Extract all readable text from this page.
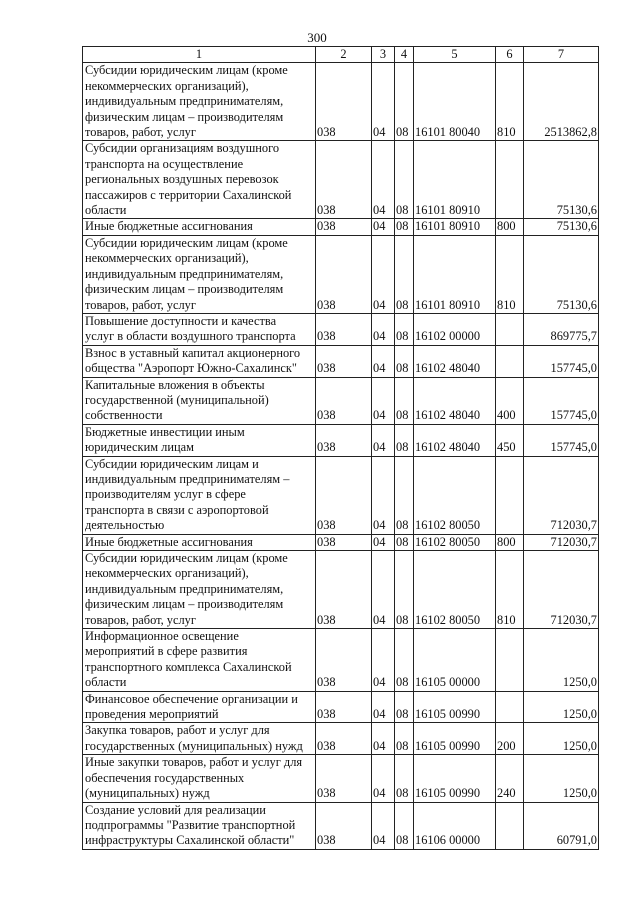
300
1	2	3	4	5	6	7
Субсидии юридическим лицам (кроме
некоммерческих организаций),
индивидуальным предпринимателям,
физическим лицам – производителям
товаров, работ, услуг	038	04	08	16101 80040	810	2513862,8
Субсидии организациям воздушного
транспорта на осуществление
региональных воздушных перевозок
пассажиров с территории Сахалинской
области	038	04	08	16101 80910		75130,6
Иные бюджетные ассигнования	038	04	08	16101 80910	800	75130,6
Субсидии юридическим лицам (кроме
некоммерческих организаций),
индивидуальным предпринимателям,
физическим лицам – производителям
товаров, работ, услуг	038	04	08	16101 80910	810	75130,6
Повышение доступности и качества
услуг в области воздушного транспорта	038	04	08	16102 00000		869775,7
Взнос в уставный капитал акционерного
общества "Аэропорт Южно-Сахалинск"	038	04	08	16102 48040		157745,0
Капитальные вложения в объекты
государственной (муниципальной)
собственности	038	04	08	16102 48040	400	157745,0
Бюджетные инвестиции иным
юридическим лицам	038	04	08	16102 48040	450	157745,0
Субсидии юридическим лицам и
индивидуальным предпринимателям –
производителям услуг в сфере
транспорта в связи с аэропортовой
деятельностью	038	04	08	16102 80050		712030,7
Иные бюджетные ассигнования	038	04	08	16102 80050	800	712030,7
Субсидии юридическим лицам (кроме
некоммерческих организаций),
индивидуальным предпринимателям,
физическим лицам – производителям
товаров, работ, услуг	038	04	08	16102 80050	810	712030,7
Информационное освещение
мероприятий в сфере развития
транспортного комплекса Сахалинской
области	038	04	08	16105 00000		1250,0
Финансовое обеспечение организации и
проведения мероприятий	038	04	08	16105 00990		1250,0
Закупка товаров, работ и услуг для
государственных (муниципальных) нужд	038	04	08	16105 00990	200	1250,0
Иные закупки товаров, работ и услуг для
обеспечения государственных
(муниципальных) нужд	038	04	08	16105 00990	240	1250,0
Создание условий для реализации
подпрограммы "Развитие транспортной
инфраструктуры Сахалинской области"	038	04	08	16106 00000		60791,0
